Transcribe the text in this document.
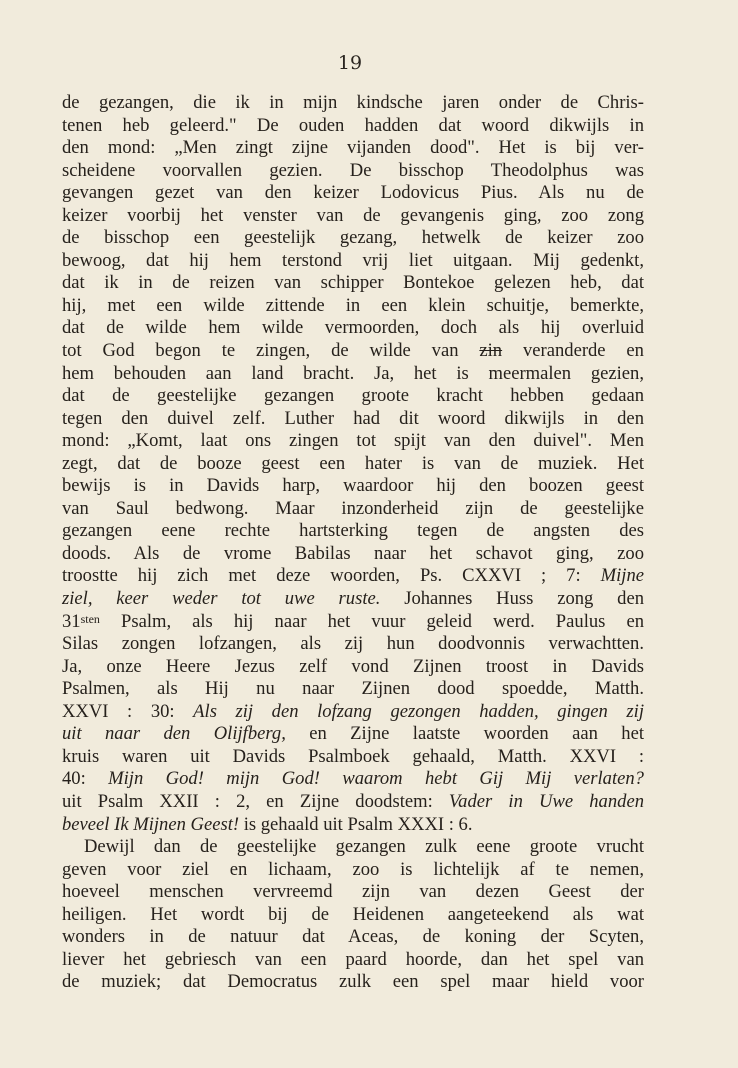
19
de gezangen, die ik in mijn kindsche jaren onder de Chris-
tenen heb geleerd." De ouden hadden dat woord dikwijls in
den mond: „Men zingt zijne vijanden dood". Het is bij ver-
scheidene voorvallen gezien. De bisschop Theodolphus was
gevangen gezet van den keizer Lodovicus Pius. Als nu de
keizer voorbij het venster van de gevangenis ging, zoo zong
de bisschop een geestelijk gezang, hetwelk de keizer zoo
bewoog, dat hij hem terstond vrij liet uitgaan. Mij gedenkt,
dat ik in de reizen van schipper Bontekoe gelezen heb, dat
hij, met een wilde zittende in een klein schuitje, bemerkte,
dat de wilde hem wilde vermoorden, doch als hij overluid
tot God begon te zingen, de wilde van zin veranderde en
hem behouden aan land bracht. Ja, het is meermalen gezien,
dat de geestelijke gezangen groote kracht hebben gedaan
tegen den duivel zelf. Luther had dit woord dikwijls in den
mond: „Komt, laat ons zingen tot spijt van den duivel". Men
zegt, dat de booze geest een hater is van de muziek. Het
bewijs is in Davids harp, waardoor hij den boozen geest
van Saul bedwong. Maar inzonderheid zijn de geestelijke
gezangen eene rechte hartsterking tegen de angsten des
doods. Als de vrome Babilas naar het schavot ging, zoo
troostte hij zich met deze woorden, Ps. CXXVI ; 7: Mijne
ziel, keer weder tot uwe ruste. Johannes Huss zong den
$31^{sten}$ Psalm, als hij naar het vuur geleid werd. Paulus en
Silas zongen lofzangen, als zij hun doodvonnis verwachtten.
Ja, onze Heere Jezus zelf vond Zijnen troost in Davids
Psalmen, als Hij nu naar Zijnen dood spoedde, Matth.
XXVI : 30: Als zij den lofzang gezongen hadden, gingen zij
uit naar den Olijfberg, en Zijne laatste woorden aan het
kruis waren uit Davids Psalmboek gehaald, Matth. XXVI :
40: Mijn God! mijn God! waarom hebt Gij Mij verlaten?
uit Psalm XXII : 2, en Zijne doodstem: Vader in Uwe handen
beveel Ik Mijnen Geest! is gehaald uit Psalm XXXI : 6.
Dewijl dan de geestelijke gezangen zulk eene groote vrucht
geven voor ziel en lichaam, zoo is lichtelijk af te nemen,
hoeveel menschen vervreemd zijn van dezen Geest der
heiligen. Het wordt bij de Heidenen aangeteekend als wat
wonders in de natuur dat Aceas, de koning der Scyten,
liever het gebriesch van een paard hoorde, dan het spel van
de muziek; dat Democratus zulk een spel maar hield voor
